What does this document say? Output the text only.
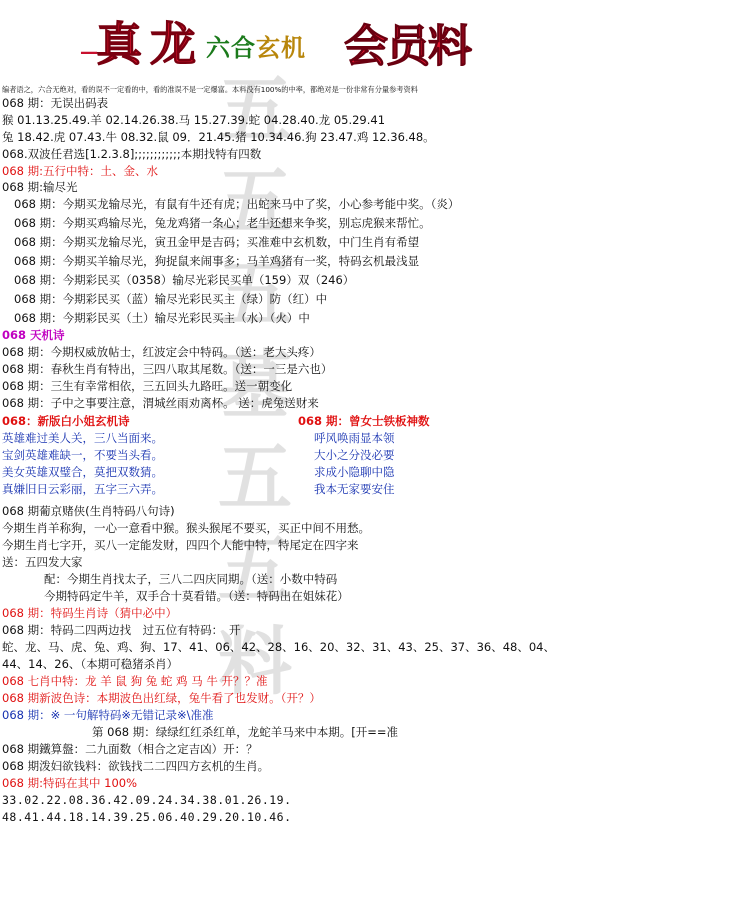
—
真 龙 六合玄机 会员料
五五五墓五五料
编者语之，六合无绝对，看的误不一定看的中，看的准误不是一定爆富。本料没有100%的中率，都绝对是一份非常有分量参考资料
068 期：无误出码表
猴 01.13.25.49.羊 02.14.26.38.马 15.27.39.蛇 04.28.40.龙 05.29.41
兔 18.42.虎 07.43.牛 08.32.鼠 09．21.45.猪 10.34.46.狗 23.47.鸡 12.36.48。
068.双波任君选[1.2.3.8];;;;;;;;;;;;本期找特有四数
068 期:五行中特：土、金、水
068 期:输尽光
068 期：今期买龙输尽光，有鼠有牛还有虎；出蛇来马中了奖，小心参考能中奖。（炎）
068 期：今期买鸡输尽光，兔龙鸡猪一条心；老牛还想来争奖，别忘虎猴来帮忙。
068 期：今期买龙输尽光，寅丑金甲是吉码；买准难中玄机数，中门生肖有希望
068 期：今期买羊输尽光，狗捉鼠来闹事多；马羊鸡猪有一奖，特码玄机最浅显
068 期：今期彩民买（0358）输尽光彩民买单（159）双（246）
068 期：今期彩民买（蓝）输尽光彩民买主（绿）防（红）中
068 期：今期彩民买（土）输尽光彩民买主（水）（火）中
068 天机诗
068 期：今期权威放帖士，红波定会中特码。（送：老大头疼）
068 期：春秋生肖有特出，三四八取其尾数。（送：一三是六也）
068 期：三生有幸常相依，三五回头九路旺。送一朝变化
068 期：子中之事要注意，渭城丝雨劝离杯。 送：虎兔送财来
068：新版白小姐玄机诗	068 期：曾女士铁板神数
英雄难过美人关，三八当面来。	呼风唤雨显本领
宝剑英雄难缺一，不要当头看。	大小之分没必要
美女英雄双璧合，莫把双数猜。	求成小隐聊中隐
真嫌旧日云彩丽，五字三六弄。	我本无家要安住
068 期葡京赌侠(生肖特码八句诗)
今期生肖羊称狗，一心一意看中猴。猴头猴尾不要买，买正中间不用愁。
今期生肖七字开，买八一定能发财，四四个人能中特，特尾定在四字来
送：五四发大家
配：今期生肖找太子，三八二四庆同期。（送：小数中特码
今期特码定牛羊，双手合十莫看错。（送：特码出在姐妹花）
068 期：特码生肖诗（猜中必中）
068 期：特码二四两边找　过五位有特码：　开
蛇、龙、马、虎、兔、鸡、狗、17、41、06、42、28、16、20、32、31、43、25、37、36、48、04、
44、14、26、（本期可稳猪杀肖）
068 七肖中特：龙 羊 鼠 狗 兔 蛇 鸡 马 牛 开？？准
068 期新波色诗：本期波色出红绿，兔牛看了也发财。（开？）
068 期：※ 一句解特码※无错记录※\准准
第 068 期：绿绿红红杀红单，龙蛇羊马来中本期。[开==准
068 期鐵算盤：二九面数（相合之定吉凶）开：？
068 期泼妇欲钱料：欲钱找二二四四方玄机的生肖。
068 期:特码在其中 100%
33.02.22.08.36.42.09.24.34.38.01.26.19.
48.41.44.18.14.39.25.06.40.29.20.10.46.
